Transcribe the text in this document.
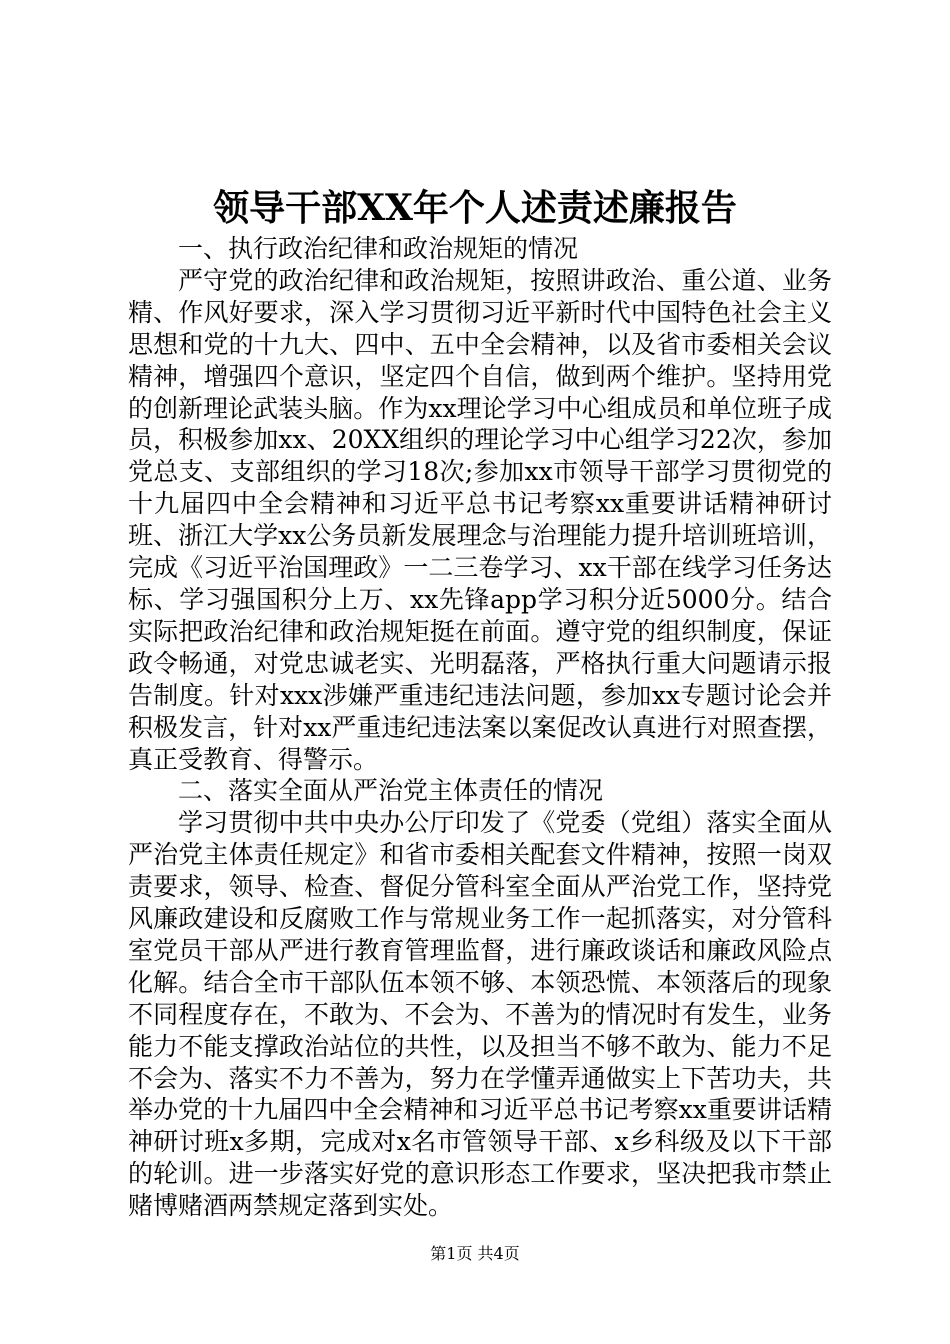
领导干部XX年个人述责述廉报告

一、执行政治纪律和政治规矩的情况

严守党的政治纪律和政治规矩，按照讲政治、重公道、业务精、作风好要求，深入学习贯彻习近平新时代中国特色社会主义思想和党的十九大、四中、五中全会精神，以及省市委相关会议精神，增强四个意识，坚定四个自信，做到两个维护。坚持用党的创新理论武装头脑。作为xx理论学习中心组成员和单位班子成员，积极参加xx、20XX组织的理论学习中心组学习22次，参加党总支、支部组织的学习18次;参加xx市领导干部学习贯彻党的十九届四中全会精神和习近平总书记考察xx重要讲话精神研讨班、浙江大学xx公务员新发展理念与治理能力提升培训班培训，完成《习近平治国理政》一二三卷学习、xx干部在线学习任务达标、学习强国积分上万、xx先锋app学习积分近5000分。结合实际把政治纪律和政治规矩挺在前面。遵守党的组织制度，保证政令畅通，对党忠诚老实、光明磊落，严格执行重大问题请示报告制度。针对xxx涉嫌严重违纪违法问题，参加xx专题讨论会并积极发言，针对xx严重违纪违法案以案促改认真进行对照查摆，真正受教育、得警示。

二、落实全面从严治党主体责任的情况

学习贯彻中共中央办公厅印发了《党委（党组）落实全面从严治党主体责任规定》和省市委相关配套文件精神，按照一岗双责要求，领导、检查、督促分管科室全面从严治党工作，坚持党风廉政建设和反腐败工作与常规业务工作一起抓落实，对分管科室党员干部从严进行教育管理监督，进行廉政谈话和廉政风险点化解。结合全市干部队伍本领不够、本领恐慌、本领落后的现象不同程度存在，不敢为、不会为、不善为的情况时有发生，业务能力不能支撑政治站位的共性，以及担当不够不敢为、能力不足不会为、落实不力不善为，努力在学懂弄通做实上下苦功夫，共举办党的十九届四中全会精神和习近平总书记考察xx重要讲话精神研讨班x多期，完成对x名市管领导干部、x乡科级及以下干部的轮训。进一步落实好党的意识形态工作要求，坚决把我市禁止赌博赌酒两禁规定落到实处。

第1页 共4页
